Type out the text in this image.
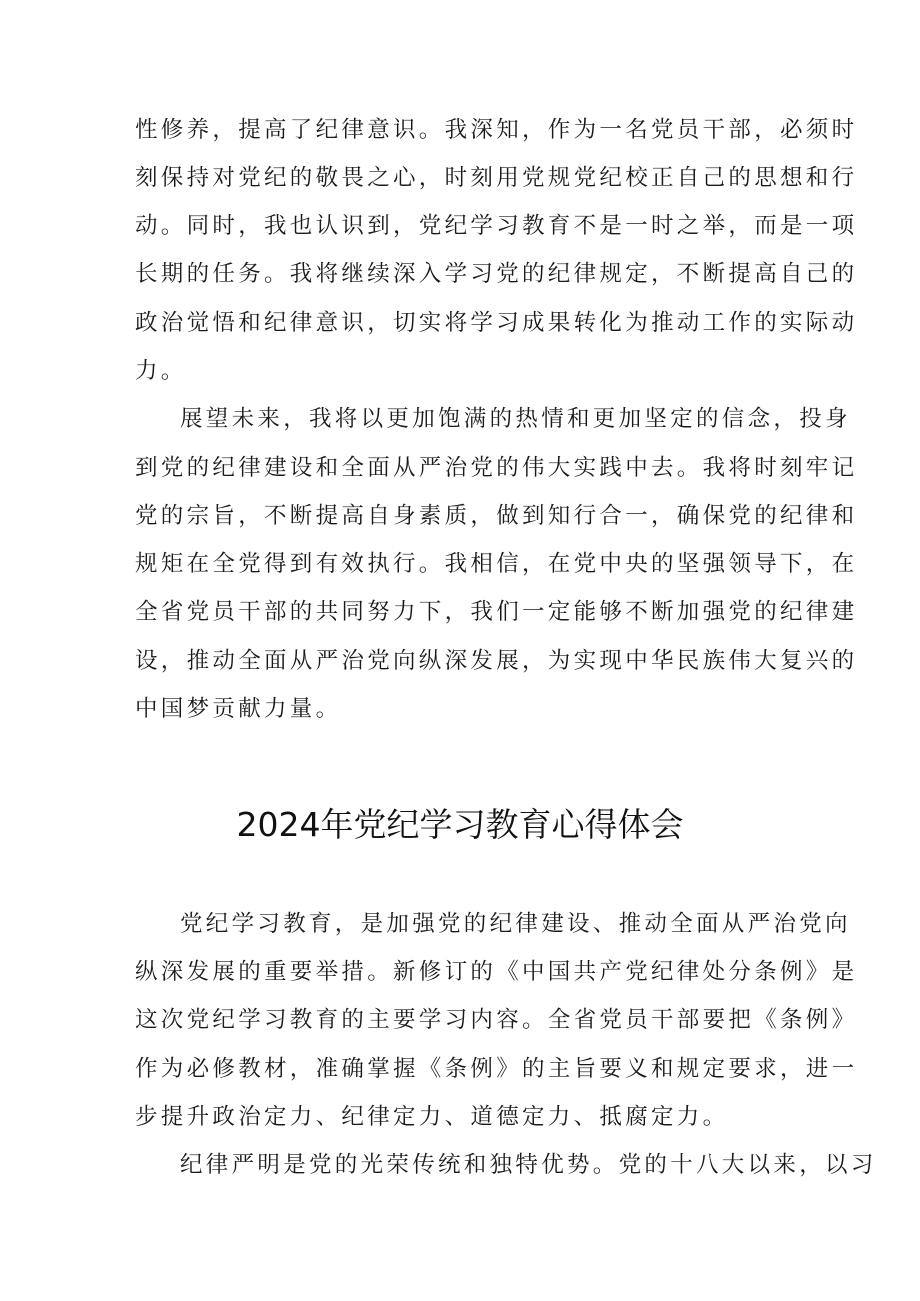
性修养，提高了纪律意识。我深知，作为一名党员干部，必须时
刻保持对党纪的敬畏之心，时刻用党规党纪校正自己的思想和行
动。同时，我也认识到，党纪学习教育不是一时之举，而是一项
长期的任务。我将继续深入学习党的纪律规定，不断提高自己的
政治觉悟和纪律意识，切实将学习成果转化为推动工作的实际动
力。
展望未来，我将以更加饱满的热情和更加坚定的信念，投身
到党的纪律建设和全面从严治党的伟大实践中去。我将时刻牢记
党的宗旨，不断提高自身素质，做到知行合一，确保党的纪律和
规矩在全党得到有效执行。我相信，在党中央的坚强领导下，在
全省党员干部的共同努力下，我们一定能够不断加强党的纪律建
设，推动全面从严治党向纵深发展，为实现中华民族伟大复兴的
中国梦贡献力量。
2024年党纪学习教育心得体会
党纪学习教育，是加强党的纪律建设、推动全面从严治党向
纵深发展的重要举措。新修订的《中国共产党纪律处分条例》是
这次党纪学习教育的主要学习内容。全省党员干部要把《条例》
作为必修教材，准确掌握《条例》的主旨要义和规定要求，进一
步提升政治定力、纪律定力、道德定力、抵腐定力。
纪律严明是党的光荣传统和独特优势。党的十八大以来，以习
